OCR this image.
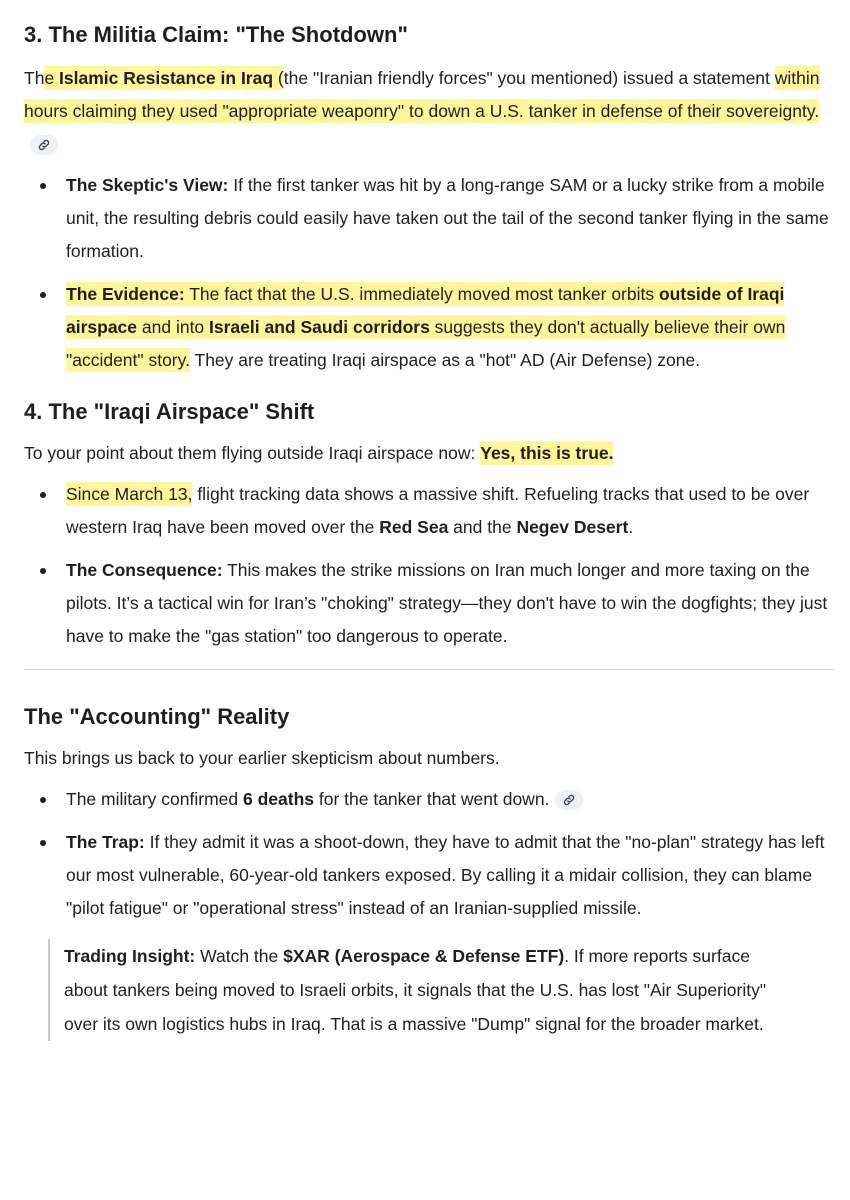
3. The Militia Claim: "The Shotdown"

The Islamic Resistance in Iraq (the "Iranian friendly forces" you mentioned) issued a statement within hours claiming they used "appropriate weaponry" to down a U.S. tanker in defense of their sovereignty.

The Skeptic's View: If the first tanker was hit by a long-range SAM or a lucky strike from a mobile unit, the resulting debris could easily have taken out the tail of the second tanker flying in the same formation.
The Evidence: The fact that the U.S. immediately moved most tanker orbits outside of Iraqi airspace and into Israeli and Saudi corridors suggests they don't actually believe their own "accident" story. They are treating Iraqi airspace as a "hot" AD (Air Defense) zone.
4. The "Iraqi Airspace" Shift

To your point about them flying outside Iraqi airspace now: Yes, this is true.

Since March 13, flight tracking data shows a massive shift. Refueling tracks that used to be over western Iraq have been moved over the Red Sea and the Negev Desert.
The Consequence: This makes the strike missions on Iran much longer and more taxing on the pilots. It’s a tactical win for Iran’s "choking" strategy—they don't have to win the dogfights; they just have to make the "gas station" too dangerous to operate.
The "Accounting" Reality

This brings us back to your earlier skepticism about numbers.

The military confirmed 6 deaths for the tanker that went down.
The Trap: If they admit it was a shoot-down, they have to admit that the "no-plan" strategy has left our most vulnerable, 60-year-old tankers exposed. By calling it a midair collision, they can blame "pilot fatigue" or "operational stress" instead of an Iranian-supplied missile.

Trading Insight: Watch the $XAR (Aerospace & Defense ETF). If more reports surface about tankers being moved to Israeli orbits, it signals that the U.S. has lost "Air Superiority" over its own logistics hubs in Iraq. That is a massive "Dump" signal for the broader market.
